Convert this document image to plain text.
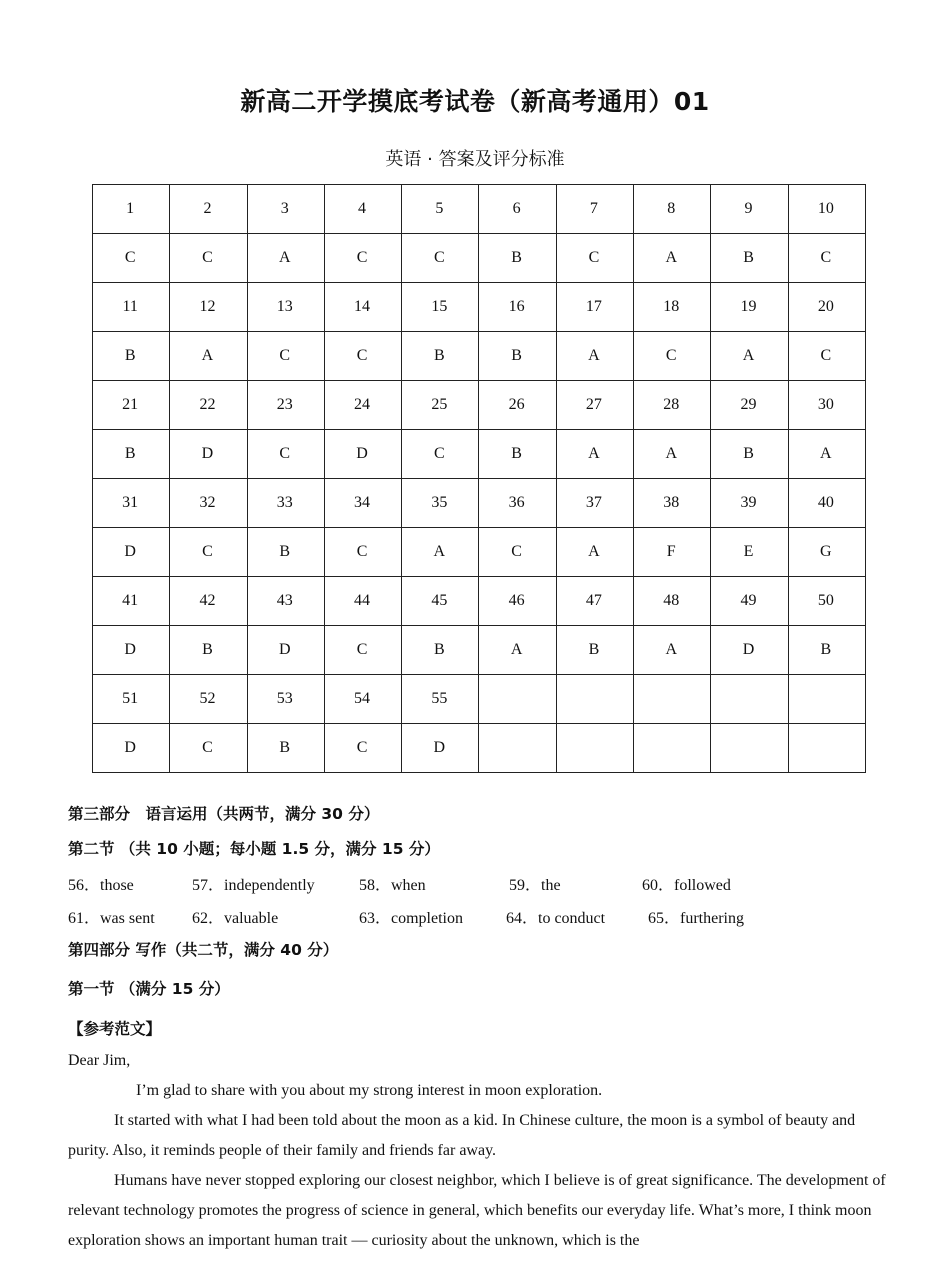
新高二开学摸底考试卷（新高考通用）01
英语 · 答案及评分标准
1	2	3	4	5	6	7	8	9	10
C	C	A	C	C	B	C	A	B	C
11	12	13	14	15	16	17	18	19	20
B	A	C	C	B	B	A	C	A	C
21	22	23	24	25	26	27	28	29	30
B	D	C	D	C	B	A	A	B	A
31	32	33	34	35	36	37	38	39	40
D	C	B	C	A	C	A	F	E	G
41	42	43	44	45	46	47	48	49	50
D	B	D	C	B	A	B	A	D	B
51	52	53	54	55					
D	C	B	C	D					
第三部分　语言运用（共两节，满分 30 分）
第二节 （共 10 小题；每小题 1.5 分，满分 15 分）
56．those	57．independently	58．when	59．the	60．followed
61．was sent 62．valuable	63．completion	64．to conduct	65．furthering
第四部分 写作（共二节，满分 40 分）
第一节 （满分 15 分）
【参考范文】

Dear Jim,

I’m glad to share with you about my strong interest in moon exploration.

It started with what I had been told about the moon as a kid. In Chinese culture, the moon is a symbol of beauty and purity. Also, it reminds people of their family and friends far away.

Humans have never stopped exploring our closest neighbor, which I believe is of great significance. The development of relevant technology promotes the progress of science in general, which benefits our everyday life. What’s more, I think moon exploration shows an important human trait — curiosity about the unknown, which is the
